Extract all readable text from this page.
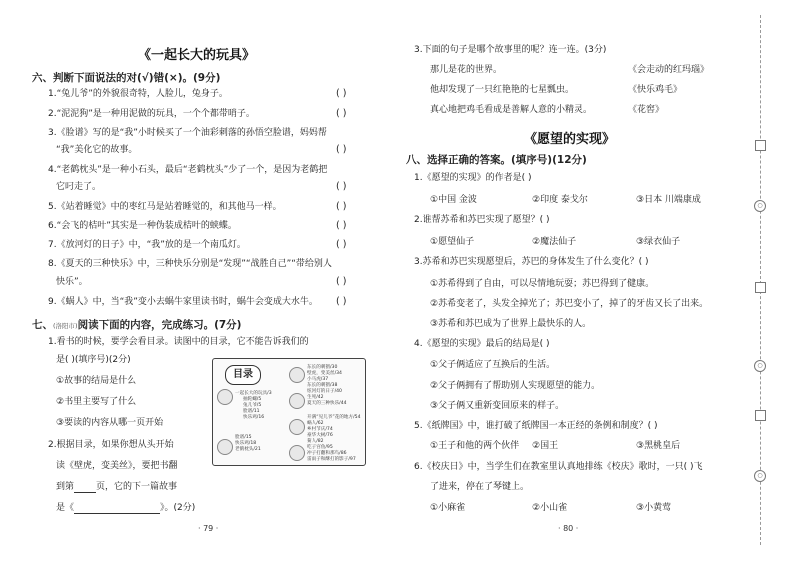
《一起长大的玩具》
六、判断下面说法的对(√)错(×)。(9分)
1.“兔儿爷”的外貌很奇特，人脸儿，兔身子。	( )
2.“泥泥狗”是一种用泥做的玩具，一个个都带哨子。	( )
3.《脸谱》写的是“我”小时候买了一个油彩刺落的孙悟空脸谱，妈妈帮
“我”美化它的故事。	( )
4.“老鹤枕头”是一种小石头，最后“老鹤枕头”少了一个，是因为老鹤把
它叼走了。	( )
5.《站着睡觉》中的枣红马是站着睡觉的，和其他马一样。	( )
6.“会飞的桔叶”其实是一种伪装成桔叶的蛱蝶。	( )
7.《放河灯的日子》中，“我”放的是一个南瓜灯。	( )
8.《夏天的三种快乐》中，三种快乐分别是“发现”“战胜自己”“带给别人
快乐”。	( )
9.《蜗人》中，当“我”变小去蜗牛家里读书时，蜗牛会变成大水牛。 ( )
七、(洛阳市)阅读下面的内容，完成练习。(7分)
1.看书的时候，要学会看目录。读图中的目录，它不能告诉我们的
是( )(填序号)(2分)
①故事的结局是什么
②书里主要写了什么
③要读的内容从哪一页开始
2.根据目录，如果你想从头开始
读《壁虎，变美丝》，要把书翻
到第 页，它的下一篇故事
是《	》。(2分)
目录
一起长大的玩具/3
抽陀螺/5
兔儿爷/5
脸谱/11
快乐鸡/16
脸谱/15
快乐鸡/18
老鹤枕头/21
东长的刺猬/30
壁虎，变美丝/34
小马虎/37
东长的刺猬/38
炫河灯的日子/40
生死/42
夏天的三种快乐/44
开满“见儿爷”花的地方/54
蜗人/62
乡村节庆/74
豪华大树/76
菊人/82
吃子宫鱼/95
冲子打翻和那鸟/86
雷雨子和酥打的影子/97
· 79 ·
3.下面的句子是哪个故事里的呢？连一连。(3分)
那儿是花的世界。
他却发现了一只红艳艳的七星瓢虫。
真心地把鸡毛看成是善解人意的小精灵。
《会走动的红玛瑙》
《快乐鸡毛》
《花窖》
《愿望的实现》
八、选择正确的答案。(填序号)(12分)
1.《愿望的实现》的作者是( )
①中国 金波	②印度 泰戈尔	③日本 川端康成
2.谁帮苏希和苏巴实现了愿望？( )
①愿望仙子	②魔法仙子	③绿衣仙子
3.苏希和苏巴实现愿望后，苏巴的身体发生了什么变化？( )
①苏希得到了自由，可以尽情地玩耍；苏巴得到了健康。
②苏希变老了，头发全掉光了；苏巴变小了，掉了的牙齿又长了出来。
③苏希和苏巴成为了世界上最快乐的人。
4.《愿望的实现》最后的结局是( )
①父子俩适应了互换后的生活。
②父子俩拥有了帮助别人实现愿望的能力。
③父子俩又重新变回原来的样子。
5.《纸牌国》中，谁打破了纸牌国一本正经的条例和制度？( )
①王子和他的两个伙伴 ②国王	③黑桃皇后
6.《校庆日》中，当学生们在教室里认真地排练《校庆》歌时，一只( )飞
了进来，停在了琴键上。
①小麻雀	②小山雀	③小黄莺
· 80 ·
○
○
○
